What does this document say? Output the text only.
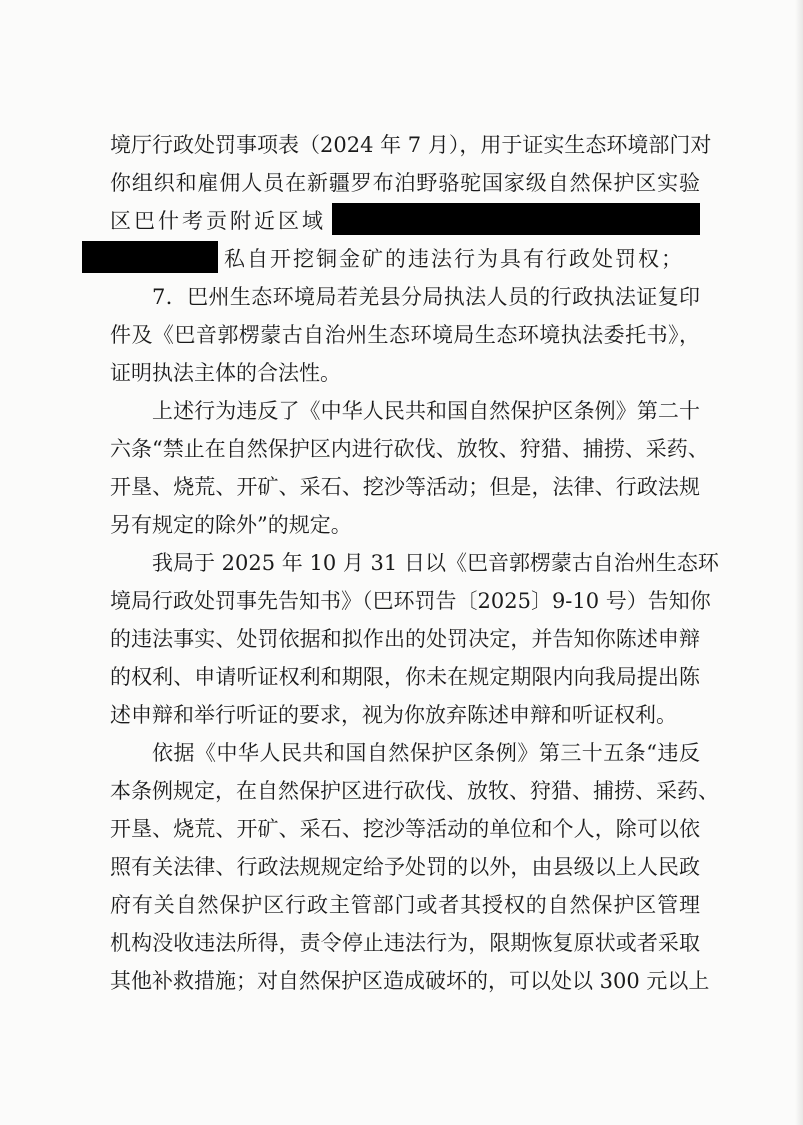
境厅行政处罚事项表（2024 年 7 月），用于证实生态环境部门对
你组织和雇佣人员在新疆罗布泊野骆驼国家级自然保护区实验
区巴什考贡附近区域
私自开挖铜金矿的违法行为具有行政处罚权；
7．巴州生态环境局若羌县分局执法人员的行政执法证复印
件及《巴音郭楞蒙古自治州生态环境局生态环境执法委托书》，
证明执法主体的合法性。
上述行为违反了《中华人民共和国自然保护区条例》第二十
六条“禁止在自然保护区内进行砍伐、放牧、狩猎、捕捞、采药、
开垦、烧荒、开矿、采石、挖沙等活动；但是，法律、行政法规
另有规定的除外”的规定。
我局于 2025 年 10 月 31 日以《巴音郭楞蒙古自治州生态环
境局行政处罚事先告知书》（巴环罚告〔2025〕9-10 号）告知你
的违法事实、处罚依据和拟作出的处罚决定，并告知你陈述申辩
的权利、申请听证权利和期限，你未在规定期限内向我局提出陈
述申辩和举行听证的要求，视为你放弃陈述申辩和听证权利。
依据《中华人民共和国自然保护区条例》第三十五条“违反
本条例规定，在自然保护区进行砍伐、放牧、狩猎、捕捞、采药、
开垦、烧荒、开矿、采石、挖沙等活动的单位和个人，除可以依
照有关法律、行政法规规定给予处罚的以外，由县级以上人民政
府有关自然保护区行政主管部门或者其授权的自然保护区管理
机构没收违法所得，责令停止违法行为，限期恢复原状或者采取
其他补救措施；对自然保护区造成破坏的，可以处以 300 元以上
